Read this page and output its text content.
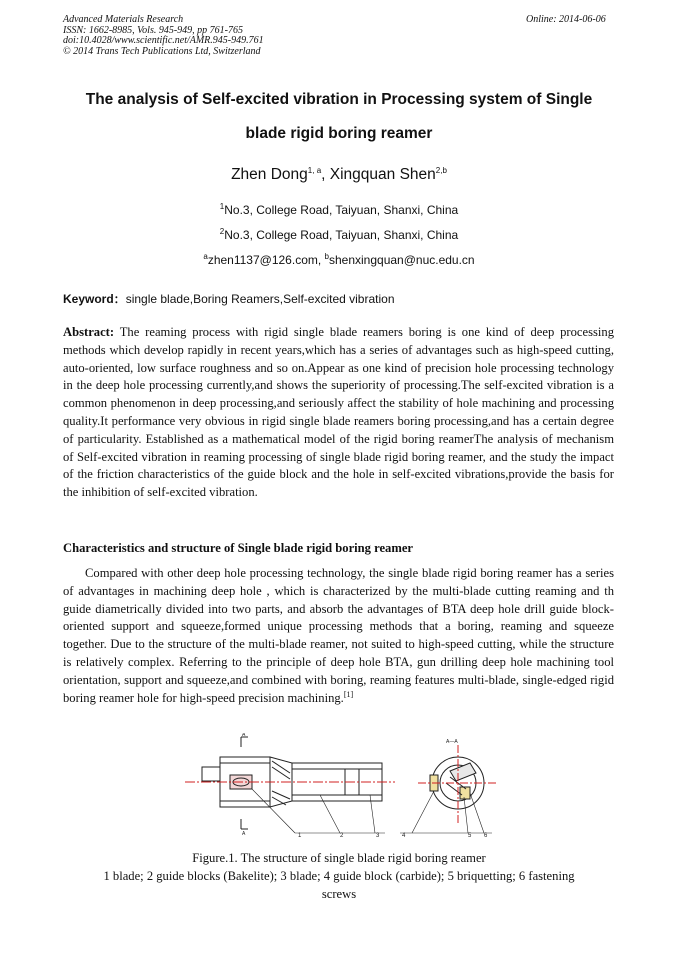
Advanced Materials Research
ISSN: 1662-8985, Vols. 945-949, pp 761-765
doi:10.4028/www.scientific.net/AMR.945-949.761
© 2014 Trans Tech Publications Ltd, Switzerland
Online: 2014-06-06
The analysis of Self-excited vibration in Processing system of Single
blade rigid boring reamer
Zhen Dong$^{1, a}$, Xingquan Shen$^{2,b}$
$^1$No.3, College Road, Taiyuan, Shanxi, China
$^2$No.3, College Road, Taiyuan, Shanxi, China
$^a$zhen1137@126.com, $^b$shenxingquan@nuc.edu.cn
Keyword：single blade,Boring Reamers,Self-excited vibration
Abstract: The reaming process with rigid single blade reamers boring is one kind of deep processing methods which develop rapidly in recent years,which has a series of advantages such as high-speed cutting, auto-oriented, low surface roughness and so on.Appear as one kind of precision hole processing technology in the deep hole processing currently,and shows the superiority of processing.The self-excited vibration is a common phenomenon in deep processing,and seriously affect the stability of hole machining and processing quality.It performance very obvious in rigid single blade reamers boring processing,and has a certain degree of particularity. Established as a mathematical model of the rigid boring reamerThe analysis of mechanism of Self-excited vibration in reaming processing of single blade rigid boring reamer, and the study the impact of the friction characteristics of the guide block and the hole in self-excited vibrations,provide the basis for the inhibition of self-excited vibration.
Characteristics and structure of Single blade rigid boring reamer
Compared with other deep hole processing technology, the single blade rigid boring reamer has a series of advantages in machining deep hole , which is characterized by the multi-blade cutting reaming and th guide diametrically divided into two parts, and absorb the advantages of BTA deep hole drill guide block-oriented support and squeeze,formed unique processing methods that a boring, reaming and squeeze together. Due to the structure of the multi-blade reamer, not suited to high-speed cutting, while the structure is relatively complex. Referring to the principle of deep hole BTA, gun drilling deep hole machining tool orientation, support and squeeze,and combined with boring, reaming features multi-blade, single-edged rigid boring reamer hole for high-speed precision machining.[1]
A
A	1	2	3
A—A
4	5 6
Figure.1. The structure of single blade rigid boring reamer
1 blade; 2 guide blocks (Bakelite); 3 blade; 4 guide block (carbide); 5 briquetting; 6 fastening
screws
